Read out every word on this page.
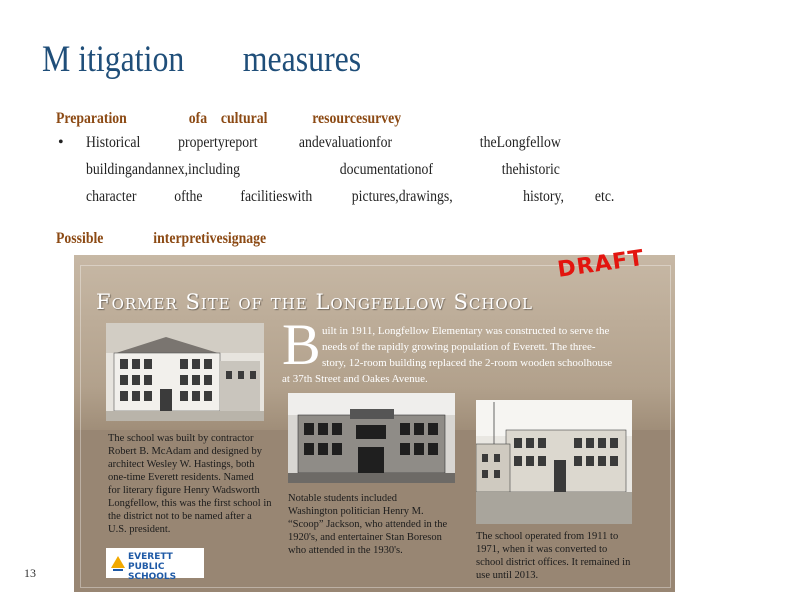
M itigation measures
Preparation	ofa cultural	resourcesurvey
• Historical propertyreport	andevaluationfor	theLongfellow
buildingandannex,including	documentationof	thehistoric
character ofthe facilitieswith pictures,drawings,	history, etc.
Possible	interpretivesignage
Former Site of the Longfellow School
DRAFT
B uilt in 1911, Longfellow Elementary was constructed to serve the
needs of the rapidly growing population of Everett. The three-
story, 12-room building replaced the 2-room wooden schoolhouse
at 37th Street and Oakes Avenue.
The school was built by contractor
Robert B. McAdam and designed by
architect Wesley W. Hastings, both
one-time Everett residents. Named
for literary figure Henry Wadsworth
Longfellow, this was the first school in
the district not to be named after a
U.S. president.
Notable students included
Washington politician Henry M.
“Scoop” Jackson, who attended in the
1920's, and entertainer Stan Boreson
who attended in the 1930's.
The school operated from 1911 to
1971, when it was converted to
school district offices. It remained in
use until 2013.
EVERETT
PUBLIC SCHOOLS
13
